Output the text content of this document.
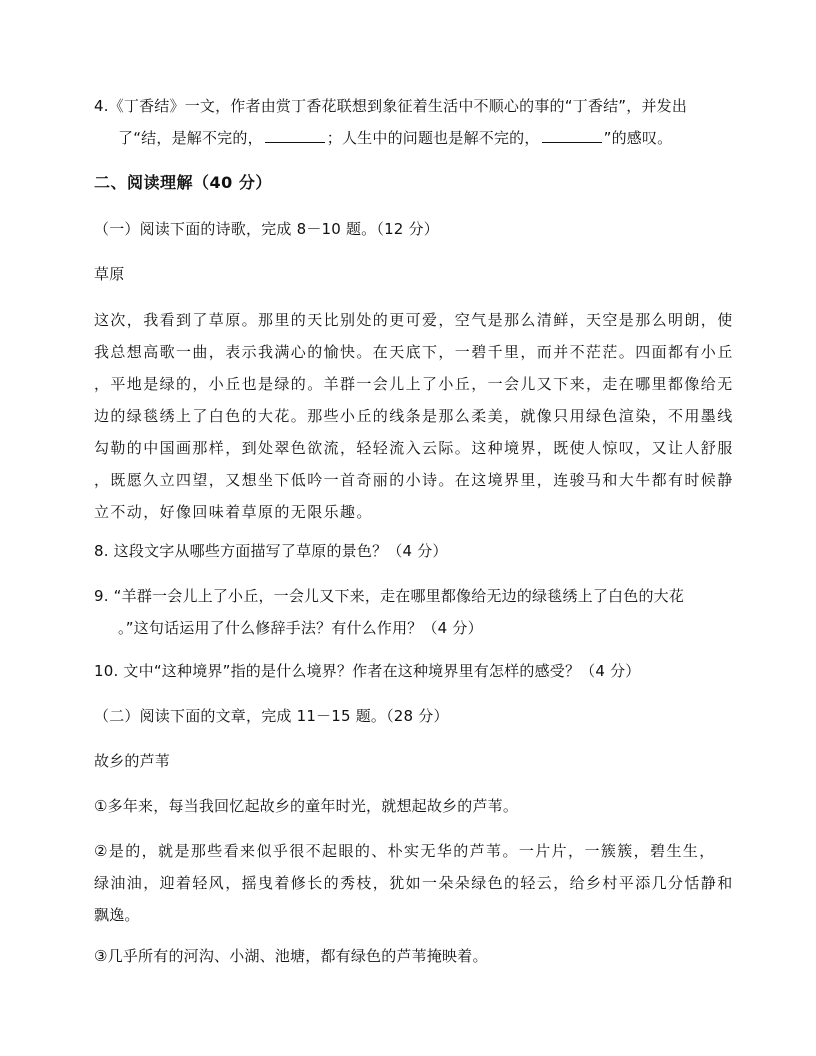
4.《丁香结》一文，作者由赏丁香花联想到象征着生活中不顺心的事的“丁香结”，并发出
了“结，是解不完的，	；人生中的问题也是解不完的，	”的感叹。
二、阅读理解（40 分）
（一）阅读下面的诗歌，完成 8－10 题。（12 分）
草原
这次，我看到了草原。那里的天比别处的更可爱，空气是那么清鲜，天空是那么明朗，使
我总想高歌一曲，表示我满心的愉快。在天底下，一碧千里，而并不茫茫。四面都有小丘
，平地是绿的，小丘也是绿的。羊群一会儿上了小丘，一会儿又下来，走在哪里都像给无
边的绿毯绣上了白色的大花。那些小丘的线条是那么柔美，就像只用绿色渲染，不用墨线
勾勒的中国画那样，到处翠色欲流，轻轻流入云际。这种境界，既使人惊叹，又让人舒服
，既愿久立四望，又想坐下低吟一首奇丽的小诗。在这境界里，连骏马和大牛都有时候静
立不动，好像回味着草原的无限乐趣。
8. 这段文字从哪些方面描写了草原的景色？（4 分）
9. “羊群一会儿上了小丘，一会儿又下来，走在哪里都像给无边的绿毯绣上了白色的大花
。”这句话运用了什么修辞手法？有什么作用？（4 分）
10. 文中“这种境界”指的是什么境界？作者在这种境界里有怎样的感受？（4 分）
（二）阅读下面的文章，完成 11－15 题。（28 分）
故乡的芦苇
①多年来，每当我回忆起故乡的童年时光，就想起故乡的芦苇。
②是的，就是那些看来似乎很不起眼的、朴实无华的芦苇。一片片，一簇簇，碧生生，
绿油油，迎着轻风，摇曳着修长的秀枝，犹如一朵朵绿色的轻云，给乡村平添几分恬静和
飘逸。
③几乎所有的河沟、小湖、池塘，都有绿色的芦苇掩映着。
